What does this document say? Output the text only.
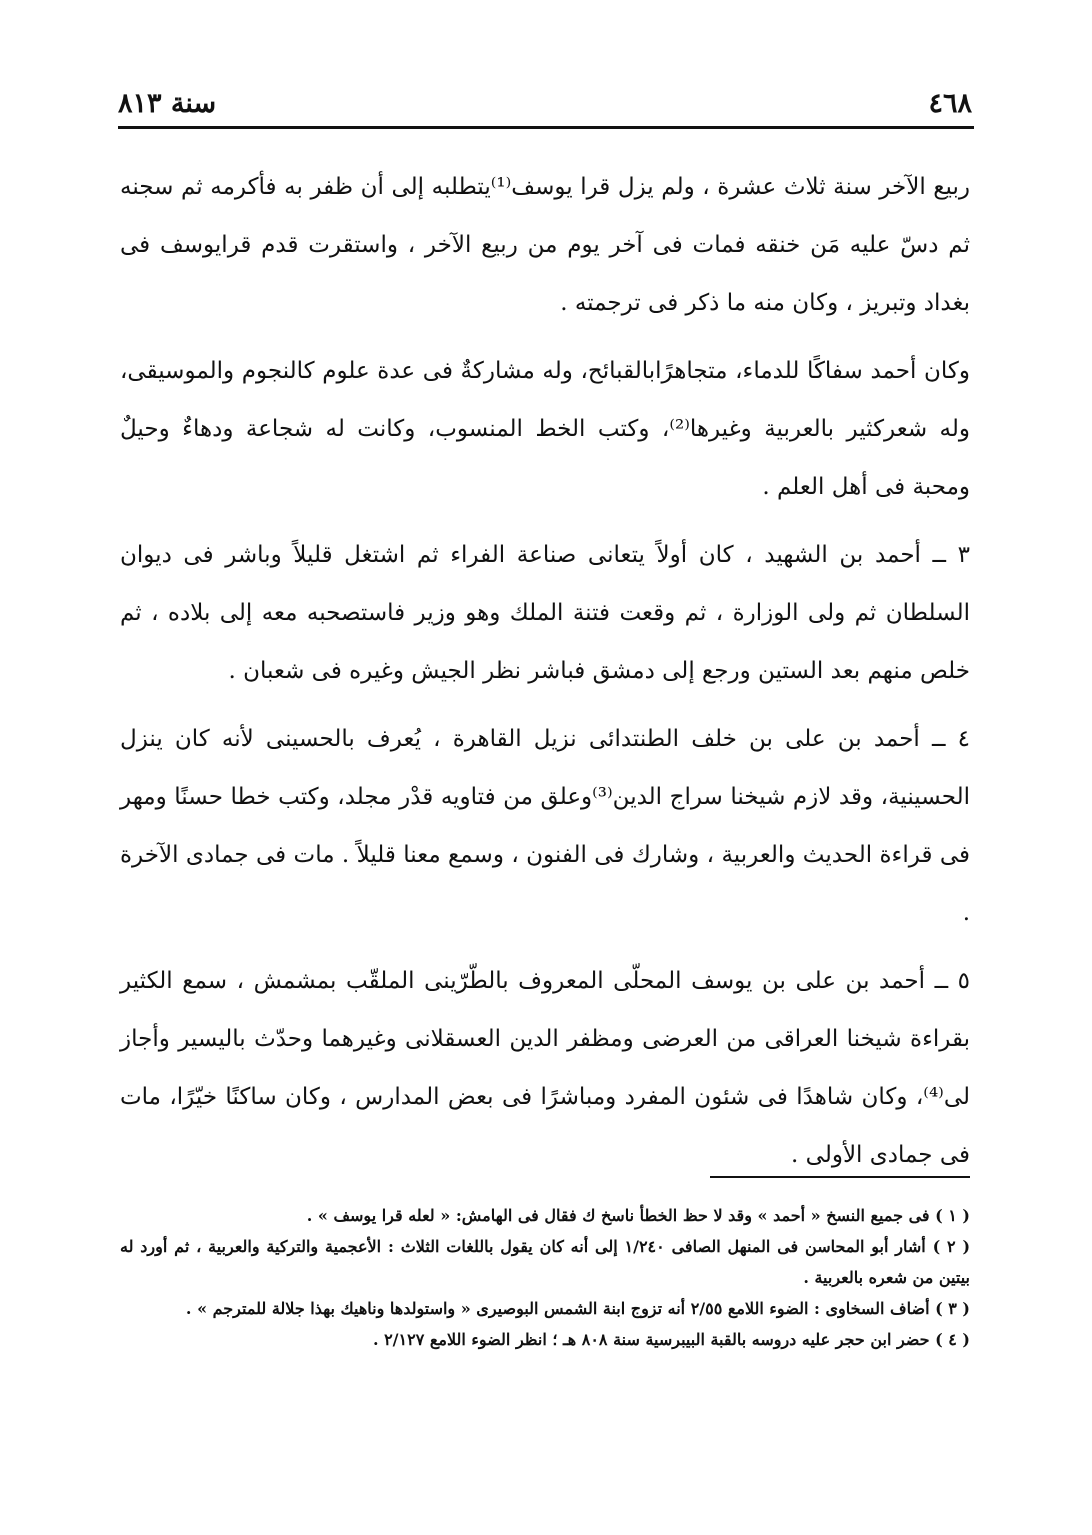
٤٦٨
سنة ٨١٣

ربيع الآخر سنة ثلاث عشرة ، ولم يزل قرا يوسف⁽¹⁾يتطلبه إلى أن ظفر به فأكرمه ثم سجنه ثم دسّ عليه مَن خنقه فمات فى آخر يوم من ربيع الآخر ، واستقرت قدم قرايوسف فى بغداد وتبريز ، وكان منه ما ذكر فى ترجمته .

وكان أحمد سفاكًا للدماء، متجاهرًابالقبائح، وله مشاركةٌ فى عدة علوم كالنجوم والموسيقى، وله شعركثير بالعربية وغيرها⁽²⁾، وكتب الخط المنسوب، وكانت له شجاعة ودهاءٌ وحيلٌ ومحبة فى أهل العلم .

٣ ــ أحمد بن الشهيد ، كان أولاً يتعانى صناعة الفراء ثم اشتغل قليلاً وباشر فى ديوان السلطان ثم ولى الوزارة ، ثم وقعت فتنة الملك وهو وزير فاستصحبه معه إلى بلاده ، ثم خلص منهم بعد الستين ورجع إلى دمشق فباشر نظر الجيش وغيره فى شعبان .

٤ ــ أحمد بن على بن خلف الطنتدائى نزيل القاهرة ، يُعرف بالحسينى لأنه كان ينزل الحسينية، وقد لازم شيخنا سراج الدين⁽³⁾وعلق من فتاويه قدْر مجلد، وكتب خطا حسنًا ومهر فى قراءة الحديث والعربية ، وشارك فى الفنون ، وسمع معنا قليلاً . مات فى جمادى الآخرة .

٥ ــ أحمد بن على بن يوسف المحلّى المعروف بالطّرّينى الملقّب بمشمش ، سمع الكثير بقراءة شيخنا العراقى من العرضى ومظفر الدين العسقلانى وغيرهما وحدّث باليسير وأجاز لى⁽⁴⁾، وكان شاهدًا فى شئون المفرد ومباشرًا فى بعض المدارس ، وكان ساكنًا خيّرًا، مات فى جمادى الأولى .

( ١ ) فى جميع النسخ « أحمد » وقد لا حظ الخطأ ناسخ ك فقال فى الهامش: « لعله قرا يوسف » .

( ٢ ) أشار أبو المحاسن فى المنهل الصافى ١/٢٤٠ إلى أنه كان يقول باللغات الثلاث : الأعجمية والتركية والعربية ، ثم أورد له بيتين من شعره بالعربية .

( ٣ ) أضاف السخاوى : الضوء اللامع ٢/٥٥ أنه تزوج ابنة الشمس البوصيرى « واستولدها وناهيك بهذا جلالة للمترجم » .

( ٤ ) حضر ابن حجر عليه دروسه بالقبة البيبرسية سنة ٨٠٨ هـ ؛ انظر الضوء اللامع ٢/١٢٧ .
